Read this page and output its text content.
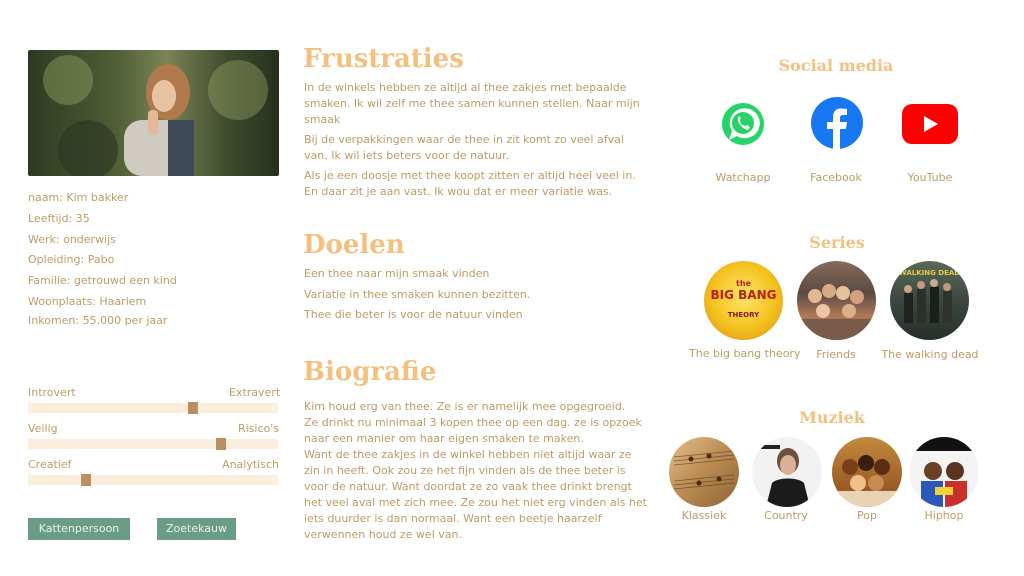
naam: Kim bakker
Leeftijd: 35
Werk: onderwijs
Opleiding: Pabo
Familie: getrouwd een kind
Woonplaats: Haarlem
Inkomen: 55.000 per jaar
Introvert	Extravert
Veilig	Risico's
Creatief	Analytisch
Kattenpersoon	Zoetekauw
Frustraties

In de winkels hebben ze altijd al thee zakjes met bepaalde smaken. Ik wil zelf me thee samen kunnen stellen. Naar mijn smaak

Bij de verpakkingen waar de thee in zit komt zo veel afval van. Ik wil iets beters voor de natuur.

Als je een doosje met thee koopt zitten er altijd heel veel in. En daar zit je aan vast. Ik wou dat er meer variatie was.

Doelen
Een thee naar mijn smaak vinden
Variatie in thee smaken kunnen bezitten.
Thee die beter is voor de natuur vinden
Biografie

Kim houd erg van thee. Ze is er namelijk mee opgegroeid.

Ze drinkt nu minimaal 3 kopen thee op een dag. ze is opzoek

naar een manier om haar eigen smaken te maken.

Want de thee zakjes in de winkel hebben niet altijd waar ze

zin in heeft. Ook zou ze het fijn vinden als de thee beter is

voor de natuur. Want doordat ze zo vaak thee drinkt brengt

het veel aval met zich mee. Ze zou het niet erg vinden als het

iets duurder is dan normaal. Want een beetje haarzelf

verwennen houd ze wel van.

Social media
Watchapp	Facebook	YouTube
Series
the
BIG BANG
THEORY
WALKING DEAD
The big bang theory	Friends	The walking dead
Muziek
Klassiek	Country	Pop	Hiphop
